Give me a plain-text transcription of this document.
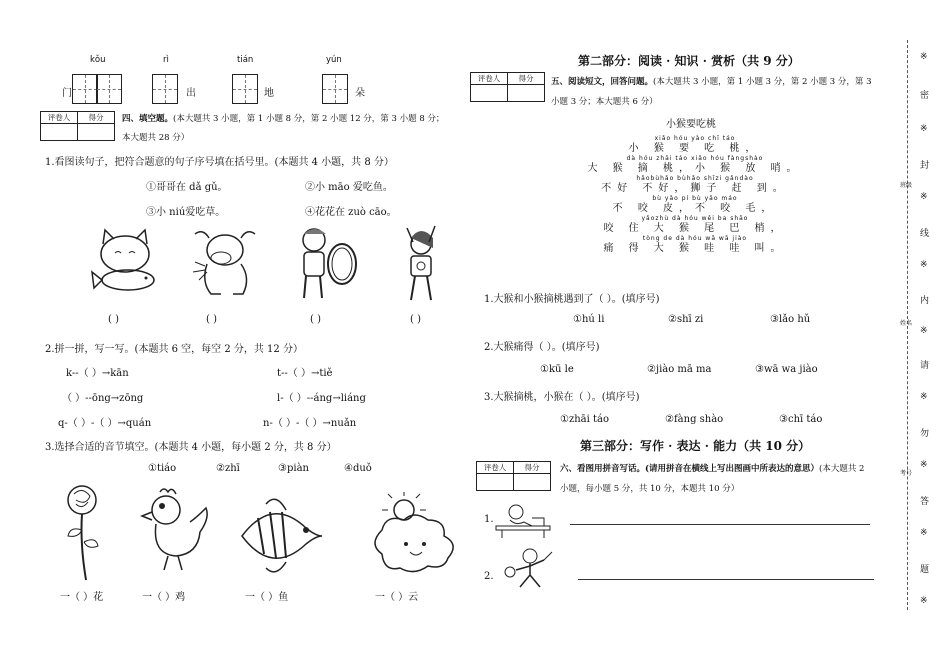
kǒu
门
rì
出
tián
地
yún
朵
评卷人	得分
	四、填空题。(本大题共 3 小题，第 1 小题 8 分，第 2 小题 12 分，第 3 小题 8 分；
本大题共 28 分）
1.看图读句子，把符合题意的句子序号填在括号里。(本题共 4 小题，共 8 分）
①哥哥在 dǎ gǔ。	②小 māo 爱吃鱼。
③小 niú爱吃草。	④花花在 zuò cāo。
( )	( )	( )	( )
2.拼一拼，写一写。(本题共 6 空，每空 2 分，共 12 分）
k--（ ）→kān	t--（ ）→tiě
（ ）--ōng→zōng	l-（ ）--áng→liáng
q-（ ）-（ ）→quán	n-（ ）-（ ）→nuǎn
3.选择合适的音节填空。(本题共 4 小题，每小题 2 分，共 8 分）
①tiáo	②zhī	③piàn	④duǒ
一（ ）花	一（ ）鸡	一（ ）鱼	一（ ）云
第二部分：阅读 · 知识 · 赏析（共 9 分）
评卷人	得分
	五、阅读短文，回答问题。(本大题共 3 小题，第 1 小题 3 分，第 2 小题 3 分，第 3
小题 3 分；本大题共 6 分）
小猴要吃桃
xiǎo hóu yào chī táo
小 猴 要 吃 桃，
dà hóu zhāi táo xiǎo hóu fàngshào
大 猴 摘 桃，小 猴 放 哨。
hǎobùhǎo bùhǎo shīzi gǎndào
不好 不好，狮子 赶 到。
bù yǎo pí bù yǎo máo
不 咬 皮，不 咬 毛，
yǎozhù dà hóu wěi ba shāo
咬 住 大 猴 尾 巴 梢，
tòng de dà hóu wā wā jiào
痛 得 大 猴 哇 哇 叫。
1.大猴和小猴摘桃遇到了（ ）。(填序号)
①hú li	②shī zi	③lǎo hǔ
2.大猴痛得（ ）。(填序号)
①kū le	②jiào mā ma	③wā wa jiào
3.大猴摘桃，小猴在（ ）。(填序号)
①zhāi táo	②fàng shào	③chī táo
第三部分：写作 · 表达 · 能力（共 10 分）
评卷人	得分
	六、看图用拼音写话。(请用拼音在横线上写出图画中所表达的意思）(本大题共 2
小题，每小题 5 分，共 10 分，本题共 10 分）
1.
2.
※
密
※
封
※
线
※
内
※
请
※
勿
※
答
※
题
※
班级
姓名
考号
